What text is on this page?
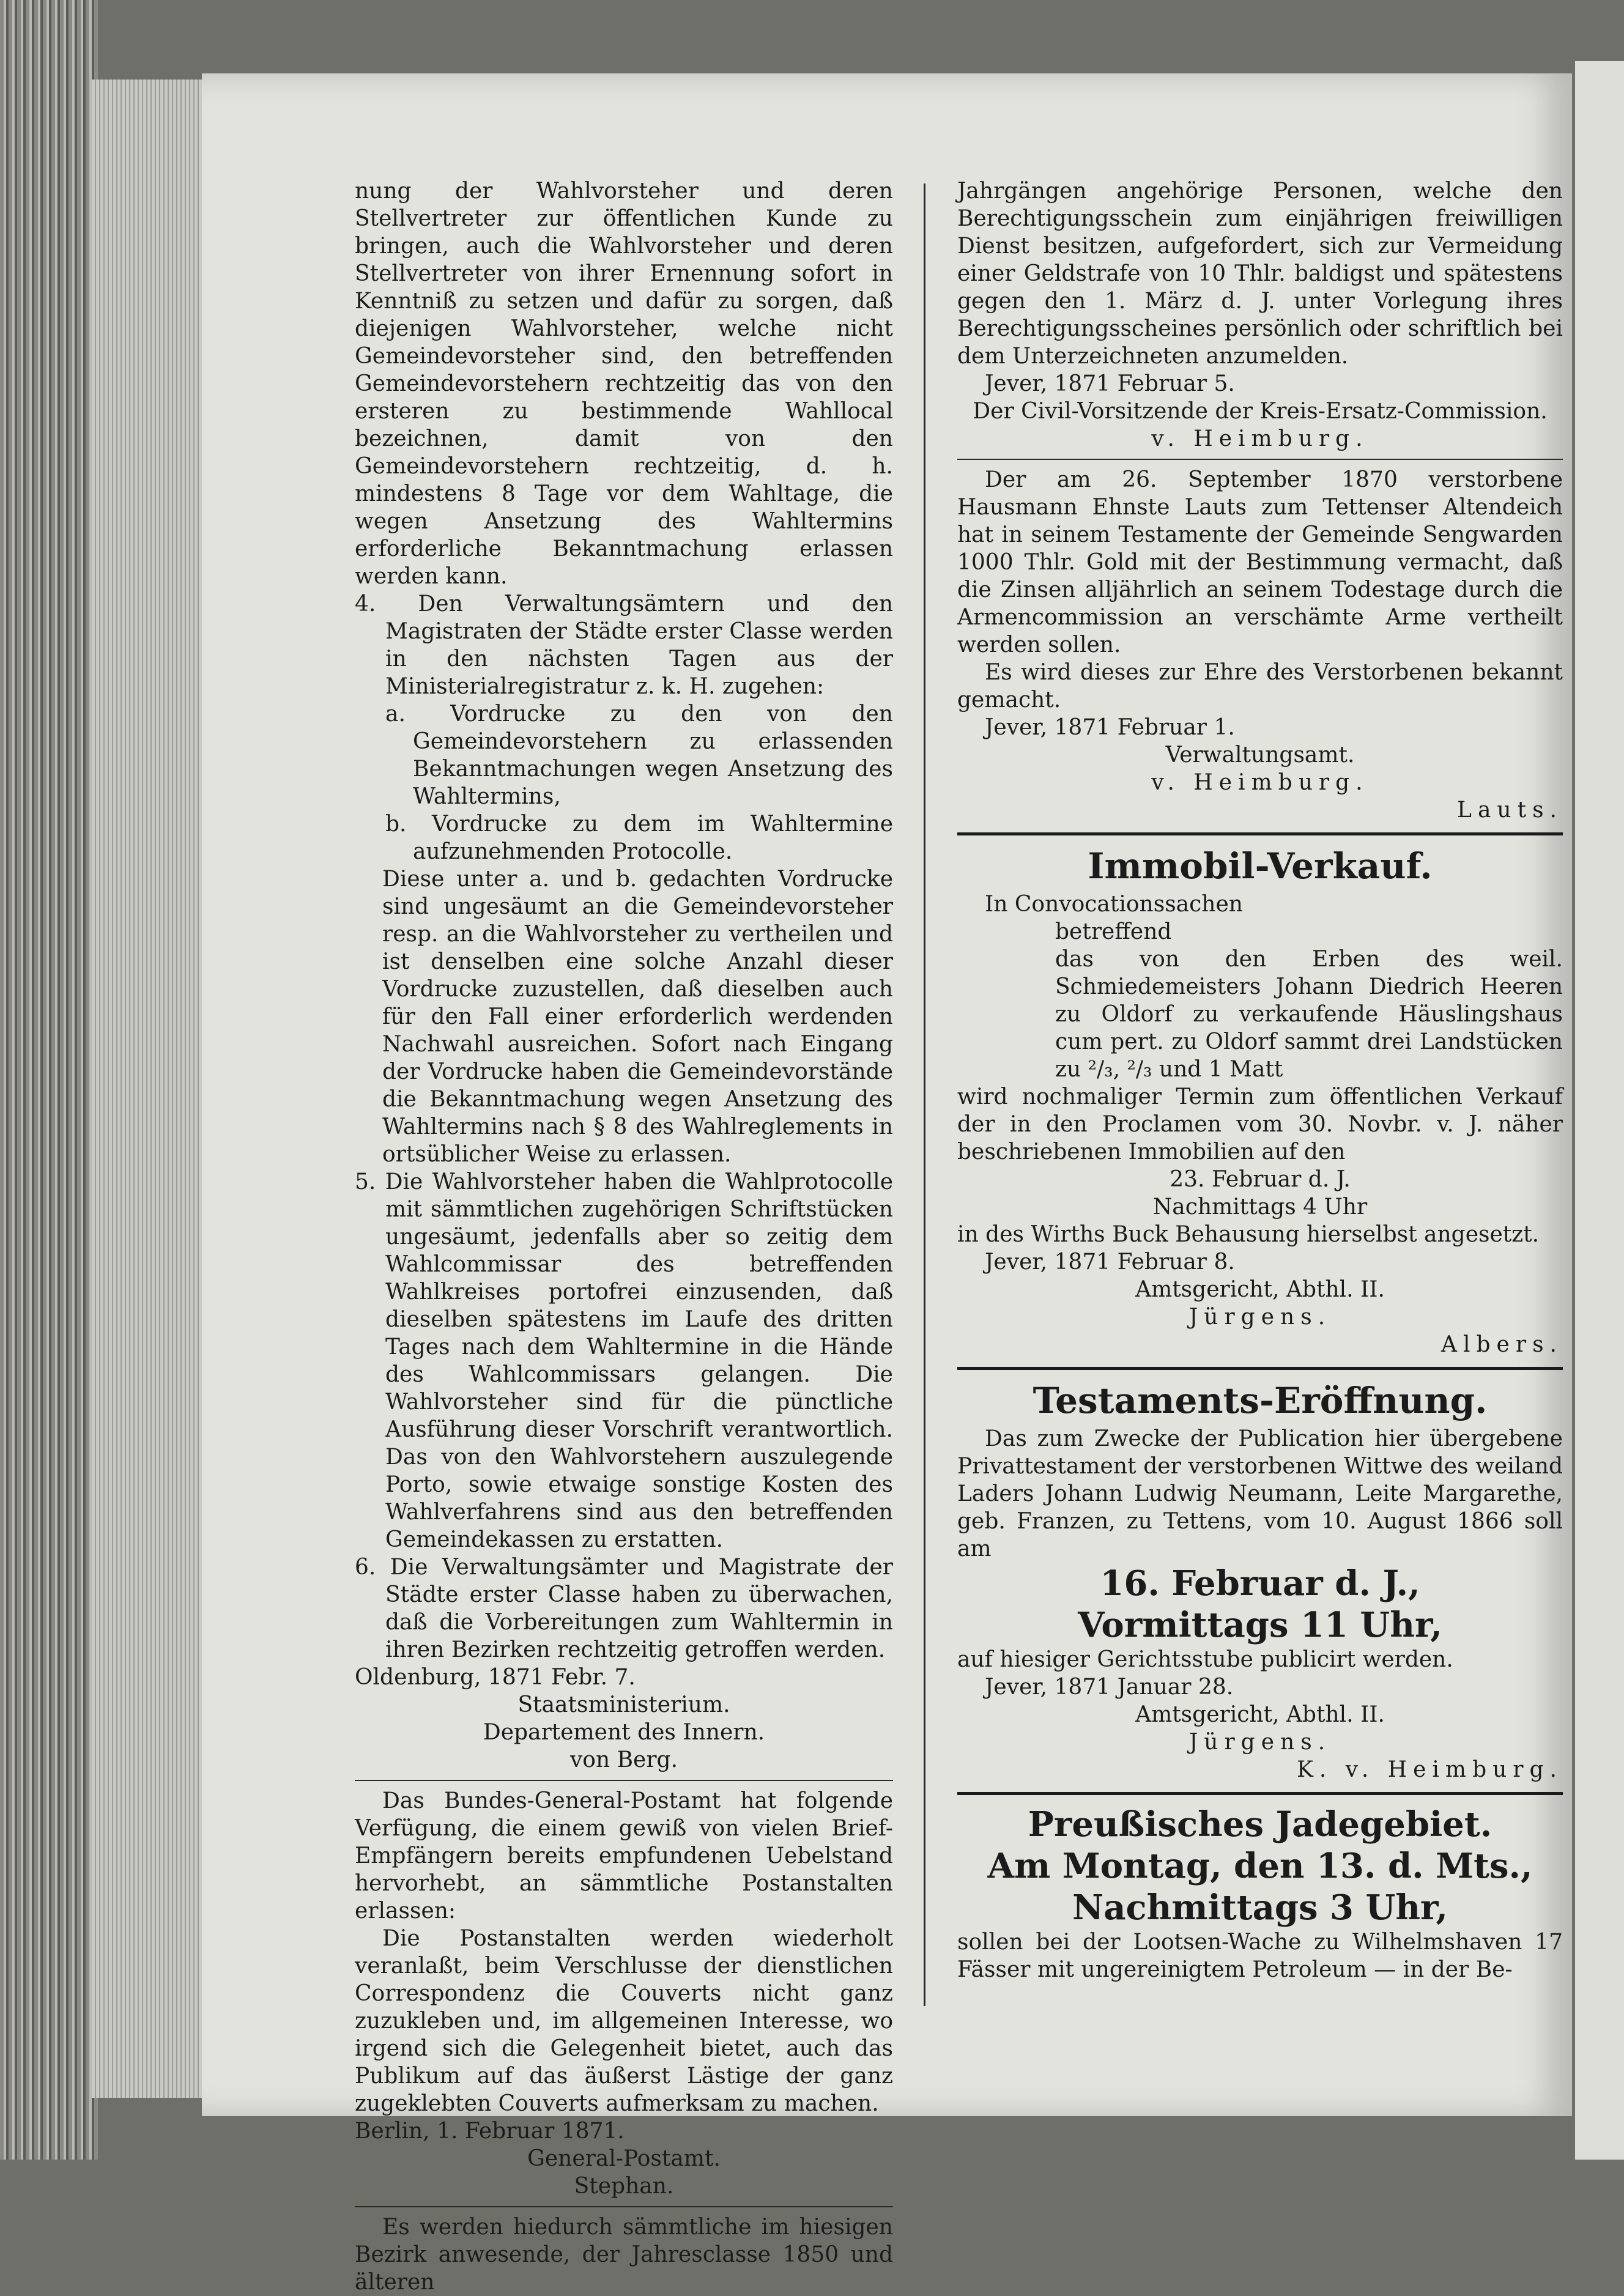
nung der Wahlvorsteher und deren Stellvertreter zur öffentlichen Kunde zu bringen, auch die Wahlvorsteher und deren Stellvertreter von ihrer Ernennung sofort in Kenntniß zu setzen und dafür zu sorgen, daß diejenigen Wahlvorsteher, welche nicht Gemeindevorsteher sind, den betreffenden Gemeindevorstehern rechtzeitig das von den ersteren zu bestimmende Wahllocal bezeichnen, damit von den Gemeindevorstehern rechtzeitig, d. h. mindestens 8 Tage vor dem Wahltage, die wegen Ansetzung des Wahltermins erforderliche Bekanntmachung erlassen werden kann.

4. Den Verwaltungsämtern und den Magistraten der Städte erster Classe werden in den nächsten Tagen aus der Ministerialregistratur z. k. H. zugehen:

a. Vordrucke zu den von den Gemeindevorstehern zu erlassenden Bekanntmachungen wegen Ansetzung des Wahltermins,

b. Vordrucke zu dem im Wahltermine aufzunehmenden Protocolle.

Diese unter a. und b. gedachten Vordrucke sind ungesäumt an die Gemeindevorsteher resp. an die Wahlvorsteher zu vertheilen und ist denselben eine solche Anzahl dieser Vordrucke zuzustellen, daß dieselben auch für den Fall einer erforderlich werdenden Nachwahl ausreichen. Sofort nach Eingang der Vordrucke haben die Gemeindevorstände die Bekanntmachung wegen Ansetzung des Wahltermins nach § 8 des Wahlreglements in ortsüblicher Weise zu erlassen.

5. Die Wahlvorsteher haben die Wahlprotocolle mit sämmtlichen zugehörigen Schriftstücken ungesäumt, jedenfalls aber so zeitig dem Wahlcommissar des betreffenden Wahlkreises portofrei einzusenden, daß dieselben spätestens im Laufe des dritten Tages nach dem Wahltermine in die Hände des Wahlcommissars gelangen. Die Wahlvorsteher sind für die pünctliche Ausführung dieser Vorschrift verantwortlich. Das von den Wahlvorstehern auszulegende Porto, sowie etwaige sonstige Kosten des Wahlverfahrens sind aus den betreffenden Gemeindekassen zu erstatten.

6. Die Verwaltungsämter und Magistrate der Städte erster Classe haben zu überwachen, daß die Vorbereitungen zum Wahltermin in ihren Bezirken rechtzeitig getroffen werden.

Oldenburg, 1871 Febr. 7.

Staatsministerium.

Departement des Innern.

von Berg.

Das Bundes-General-Postamt hat folgende Verfügung, die einem gewiß von vielen Brief-Empfängern bereits empfundenen Uebelstand hervorhebt, an sämmtliche Postanstalten erlassen:

Die Postanstalten werden wiederholt veranlaßt, beim Verschlusse der dienstlichen Correspondenz die Couverts nicht ganz zuzukleben und, im allgemeinen Interesse, wo irgend sich die Gelegenheit bietet, auch das Publikum auf das äußerst Lästige der ganz zugeklebten Couverts aufmerksam zu machen.

Berlin, 1. Februar 1871.

General-Postamt.

Stephan.

Es werden hiedurch sämmtliche im hiesigen Bezirk anwesende, der Jahresclasse 1850 und älteren

Jahrgängen angehörige Personen, welche den Berechtigungsschein zum einjährigen freiwilligen Dienst besitzen, aufgefordert, sich zur Vermeidung einer Geldstrafe von 10 Thlr. baldigst und spätestens gegen den 1. März d. J. unter Vorlegung ihres Berechtigungsscheines persönlich oder schriftlich bei dem Unterzeichneten anzumelden.

Jever, 1871 Februar 5.

Der Civil-Vorsitzende der Kreis-Ersatz-Commission.

v. Heimburg.

Der am 26. September 1870 verstorbene Hausmann Ehnste Lauts zum Tettenser Altendeich hat in seinem Testamente der Gemeinde Sengwarden 1000 Thlr. Gold mit der Bestimmung vermacht, daß die Zinsen alljährlich an seinem Todestage durch die Armencommission an verschämte Arme vertheilt werden sollen.

Es wird dieses zur Ehre des Verstorbenen bekannt gemacht.

Jever, 1871 Februar 1.

Verwaltungsamt.

v. Heimburg.

Lauts.

Immobil-Verkauf.

In Convocationssachen

betreffend

das von den Erben des weil. Schmiedemeisters Johann Diedrich Heeren zu Oldorf zu verkaufende Häuslingshaus cum pert. zu Oldorf sammt drei Landstücken zu ²/₃, ²/₃ und 1 Matt

wird nochmaliger Termin zum öffentlichen Verkauf der in den Proclamen vom 30. Novbr. v. J. näher beschriebenen Immobilien auf den

23. Februar d. J.

Nachmittags 4 Uhr

in des Wirths Buck Behausung hierselbst angesetzt.

Jever, 1871 Februar 8.

Amtsgericht, Abthl. II.

Jürgens.

Albers.

Testaments-Eröffnung.

Das zum Zwecke der Publication hier übergebene Privattestament der verstorbenen Wittwe des weiland Laders Johann Ludwig Neumann, Leite Margarethe, geb. Franzen, zu Tettens, vom 10. August 1866 soll am

16. Februar d. J.,
Vormittags 11 Uhr,

auf hiesiger Gerichtsstube publicirt werden.

Jever, 1871 Januar 28.

Amtsgericht, Abthl. II.

Jürgens.

K. v. Heimburg.

Preußisches Jadegebiet.
Am Montag, den 13. d. Mts.,
Nachmittags 3 Uhr,

sollen bei der Lootsen-Wache zu Wilhelmshaven 17 Fässer mit ungereinigtem Petroleum — in der Be-
